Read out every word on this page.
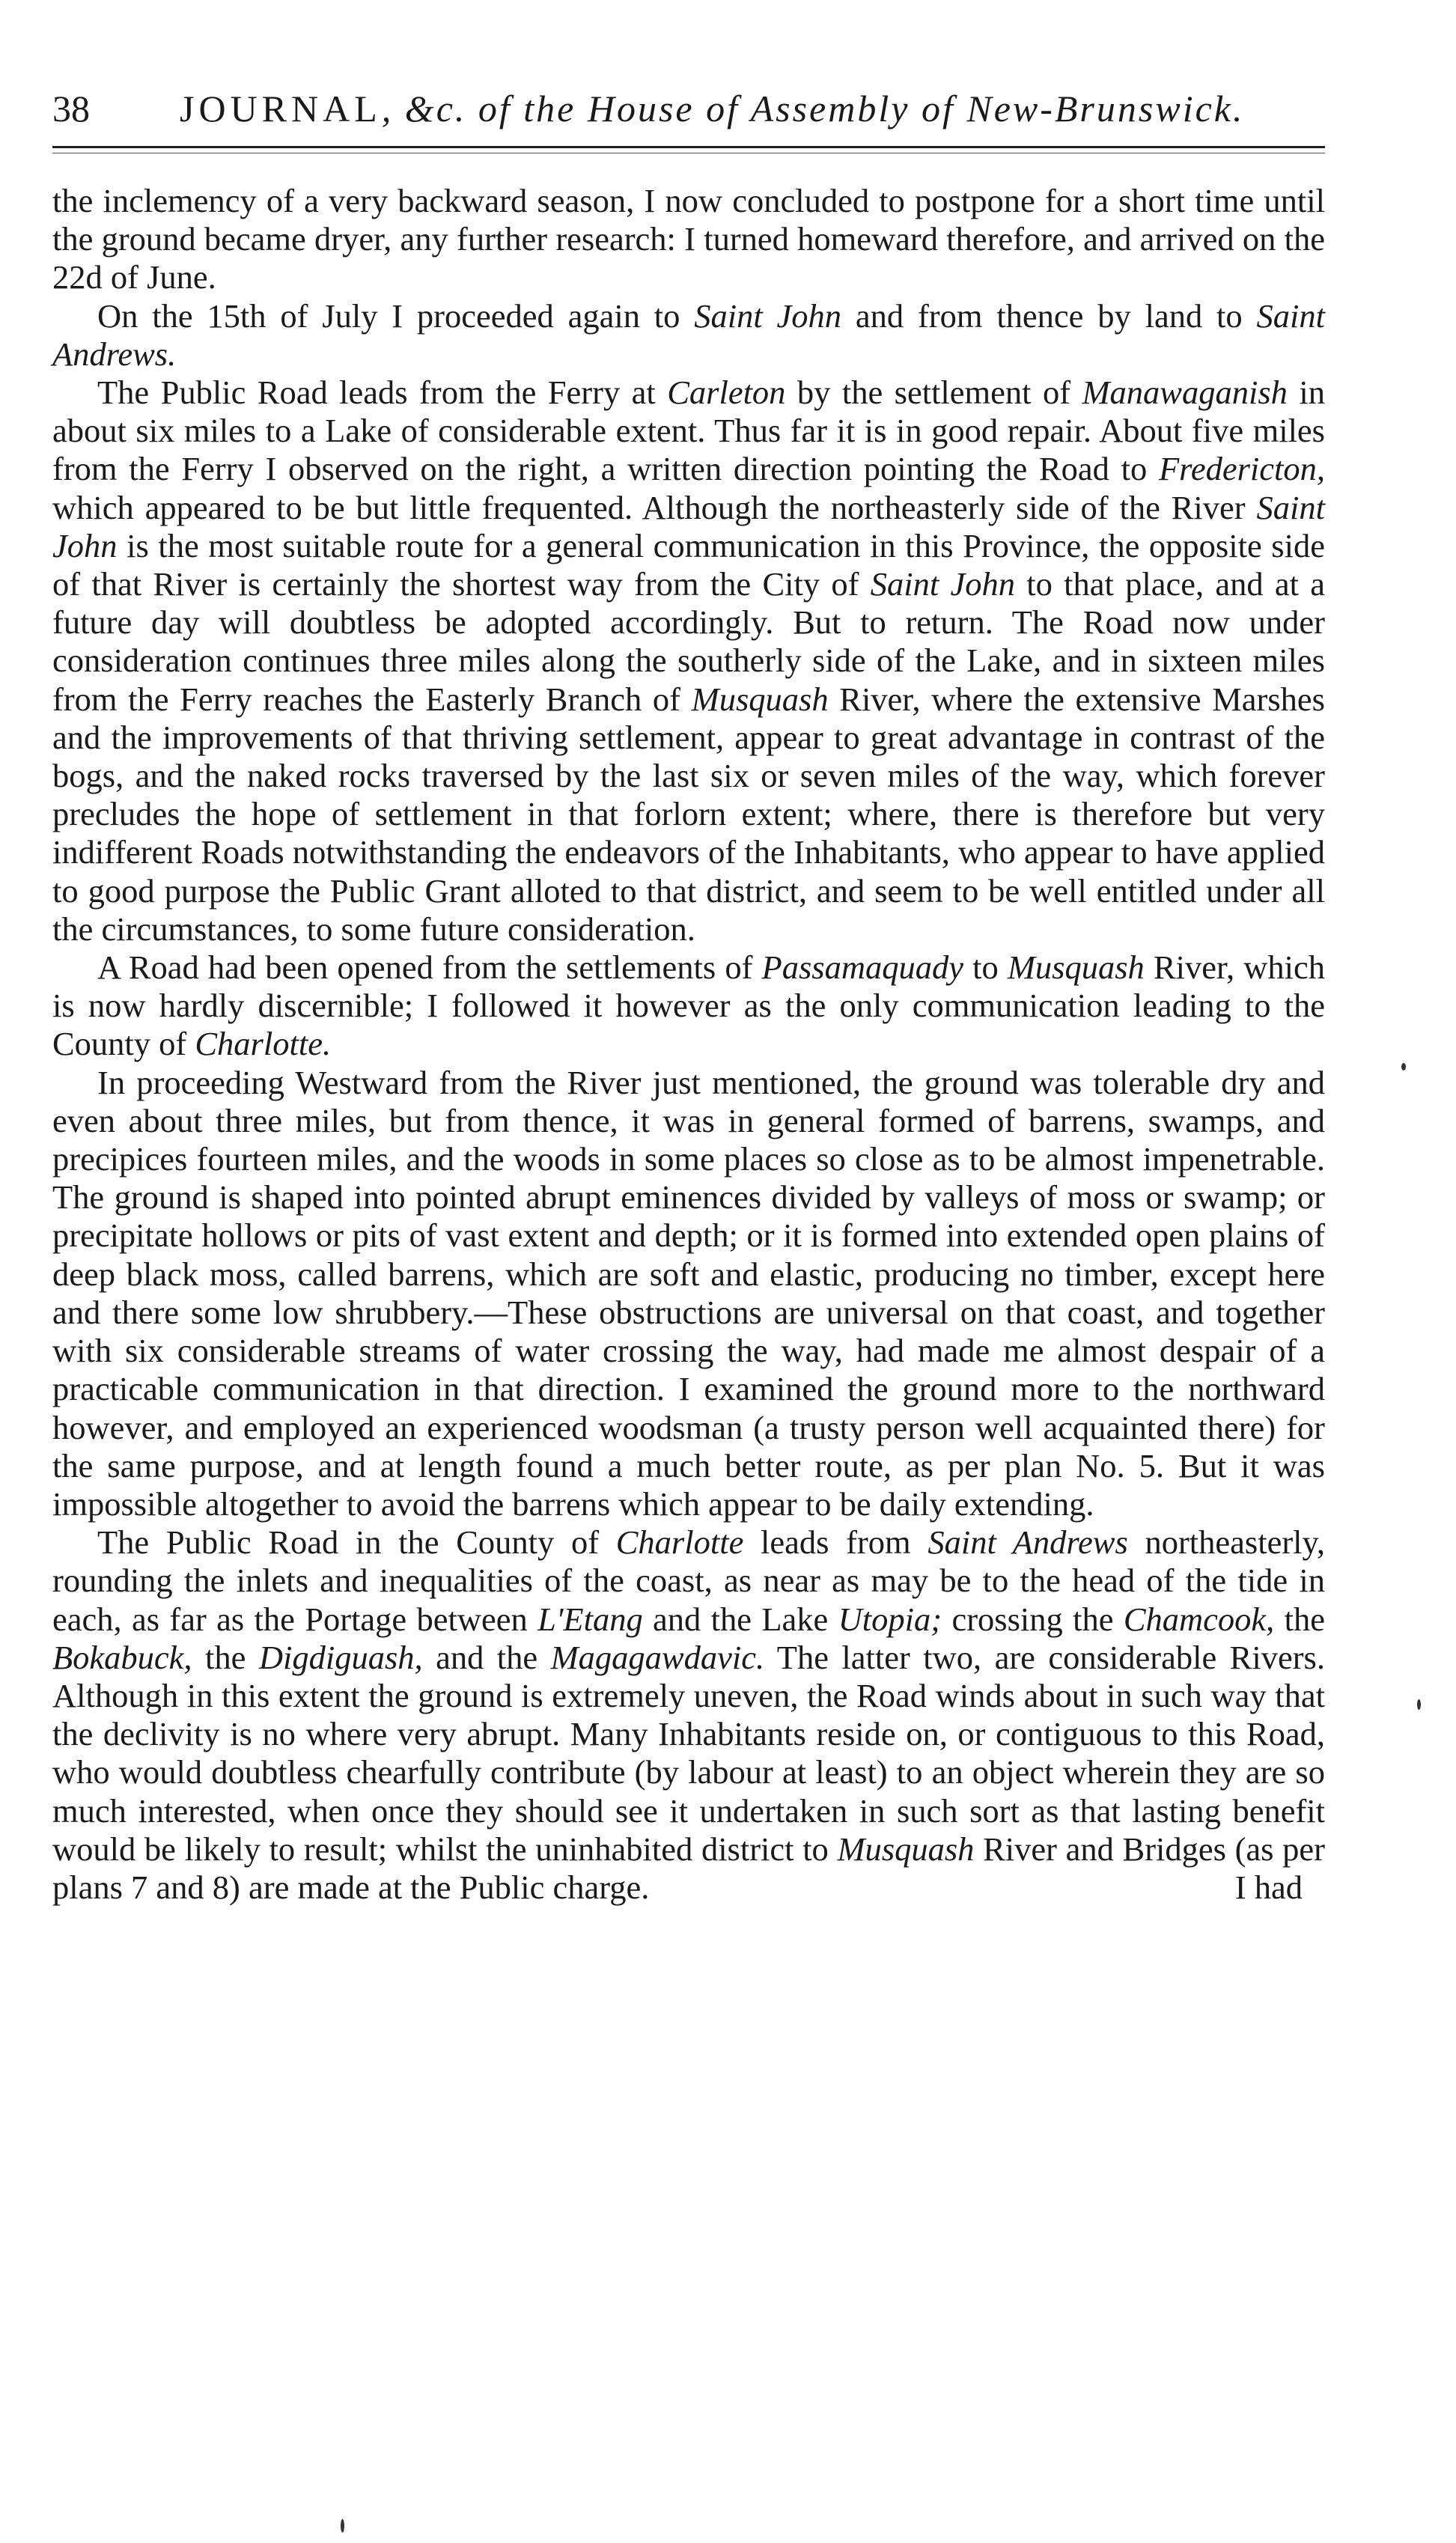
38 JOURNAL, &c. of the House of Assembly of New-Brunswick.

the inclemency of a very backward season, I now concluded to postpone for a short time until the ground became dryer, any further research: I turned homeward therefore, and arrived on the 22d of June.

On the 15th of July I proceeded again to Saint John and from thence by land to Saint Andrews.

The Public Road leads from the Ferry at Carleton by the settlement of Manawaganish in about six miles to a Lake of considerable extent. Thus far it is in good repair. About five miles from the Ferry I observed on the right, a written direction pointing the Road to Fredericton, which appeared to be but little frequented. Although the northeasterly side of the River Saint John is the most suitable route for a general communication in this Province, the opposite side of that River is certainly the shortest way from the City of Saint John to that place, and at a future day will doubtless be adopted accordingly. But to return. The Road now under consideration continues three miles along the southerly side of the Lake, and in sixteen miles from the Ferry reaches the Easterly Branch of Musquash River, where the extensive Marshes and the improvements of that thriving settlement, appear to great advantage in contrast of the bogs, and the naked rocks traversed by the last six or seven miles of the way, which forever precludes the hope of settlement in that forlorn extent; where, there is therefore but very indifferent Roads notwithstanding the endeavors of the Inhabitants, who appear to have applied to good purpose the Public Grant alloted to that district, and seem to be well entitled under all the circumstances, to some future consideration.

A Road had been opened from the settlements of Passamaquady to Musquash River, which is now hardly discernible; I followed it however as the only communication leading to the County of Charlotte.

In proceeding Westward from the River just mentioned, the ground was tolerable dry and even about three miles, but from thence, it was in general formed of barrens, swamps, and precipices fourteen miles, and the woods in some places so close as to be almost impenetrable. The ground is shaped into pointed abrupt eminences divided by valleys of moss or swamp; or precipitate hollows or pits of vast extent and depth; or it is formed into extended open plains of deep black moss, called barrens, which are soft and elastic, producing no timber, except here and there some low shrubbery.—These obstructions are universal on that coast, and together with six considerable streams of water crossing the way, had made me almost despair of a practicable communication in that direction. I examined the ground more to the northward however, and employed an experienced woodsman (a trusty person well acquainted there) for the same purpose, and at length found a much better route, as per plan No. 5. But it was impossible altogether to avoid the barrens which appear to be daily extending.

The Public Road in the County of Charlotte leads from Saint Andrews northeasterly, rounding the inlets and inequalities of the coast, as near as may be to the head of the tide in each, as far as the Portage between L'Etang and the Lake Utopia; crossing the Chamcook, the Bokabuck, the Digdiguash, and the Magagawdavic. The latter two, are considerable Rivers. Although in this extent the ground is extremely uneven, the Road winds about in such way that the declivity is no where very abrupt. Many Inhabitants reside on, or contiguous to this Road, who would doubtless chearfully contribute (by labour at least) to an object wherein they are so much interested, when once they should see it undertaken in such sort as that lasting benefit would be likely to result; whilst the uninhabited district to Musquash River and Bridges (as per plans 7 and 8) are made at the Public charge.	I had
